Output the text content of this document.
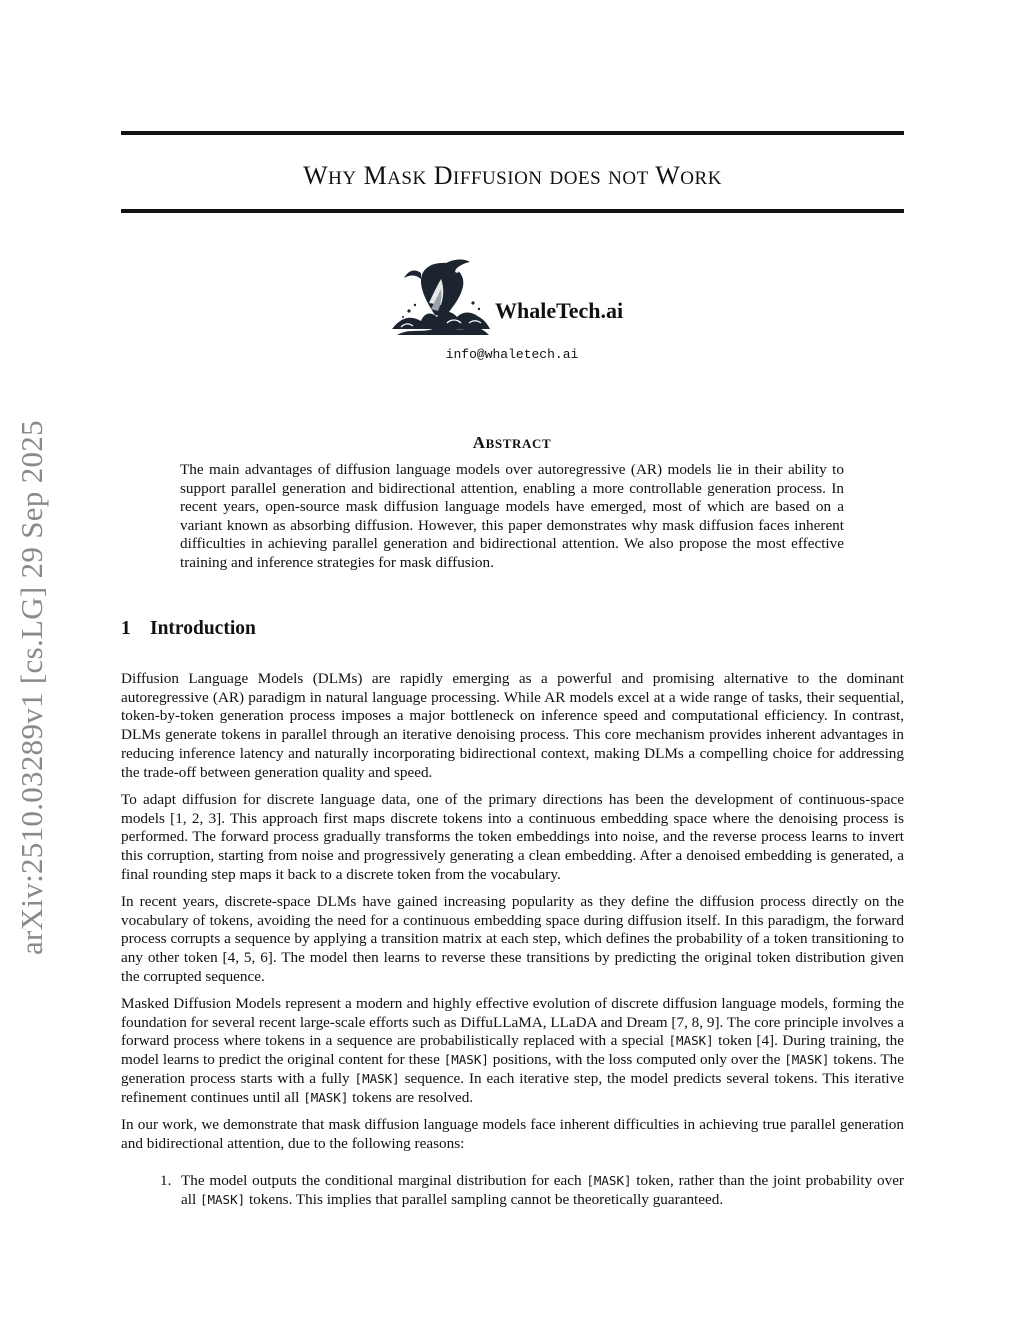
arXiv:2510.03289v1 [cs.LG] 29 Sep 2025
WHY MASK DIFFUSION DOES NOT WORK
WhaleTech.ai
info@whaletech.ai
ABSTRACT

The main advantages of diffusion language models over autoregressive (AR) models lie in their ability to support parallel generation and bidirectional attention, enabling a more controllable generation process. In recent years, open-source mask diffusion language models have emerged, most of which are based on a variant known as absorbing diffusion. However, this paper demonstrates why mask diffusion faces inherent difficulties in achieving parallel generation and bidirectional attention. We also propose the most effective training and inference strategies for mask diffusion.

1 Introduction

Diffusion Language Models (DLMs) are rapidly emerging as a powerful and promising alternative to the dominant autoregressive (AR) paradigm in natural language processing. While AR models excel at a wide range of tasks, their sequential, token-by-token generation process imposes a major bottleneck on inference speed and computational efficiency. In contrast, DLMs generate tokens in parallel through an iterative denoising process. This core mechanism provides inherent advantages in reducing inference latency and naturally incorporating bidirectional context, making DLMs a compelling choice for addressing the trade-off between generation quality and speed.

To adapt diffusion for discrete language data, one of the primary directions has been the development of continuous-space models [1, 2, 3]. This approach first maps discrete tokens into a continuous embedding space where the denoising process is performed. The forward process gradually transforms the token embeddings into noise, and the reverse process learns to invert this corruption, starting from noise and progressively generating a clean embedding. After a denoised embedding is generated, a final rounding step maps it back to a discrete token from the vocabulary.

In recent years, discrete-space DLMs have gained increasing popularity as they define the diffusion process directly on the vocabulary of tokens, avoiding the need for a continuous embedding space during diffusion itself. In this paradigm, the forward process corrupts a sequence by applying a transition matrix at each step, which defines the probability of a token transitioning to any other token [4, 5, 6]. The model then learns to reverse these transitions by predicting the original token distribution given the corrupted sequence.

Masked Diffusion Models represent a modern and highly effective evolution of discrete diffusion language models, forming the foundation for several recent large-scale efforts such as DiffuLLaMA, LLaDA and Dream [7, 8, 9]. The core principle involves a forward process where tokens in a sequence are probabilistically replaced with a special [MASK] token [4]. During training, the model learns to predict the original content for these [MASK] positions, with the loss computed only over the [MASK] tokens. The generation process starts with a fully [MASK] sequence. In each iterative step, the model predicts several tokens. This iterative refinement continues until all [MASK] tokens are resolved.

In our work, we demonstrate that mask diffusion language models face inherent difficulties in achieving true parallel generation and bidirectional attention, due to the following reasons:

1. The model outputs the conditional marginal distribution for each [MASK] token, rather than the joint probability over all [MASK] tokens. This implies that parallel sampling cannot be theoretically guaranteed.
